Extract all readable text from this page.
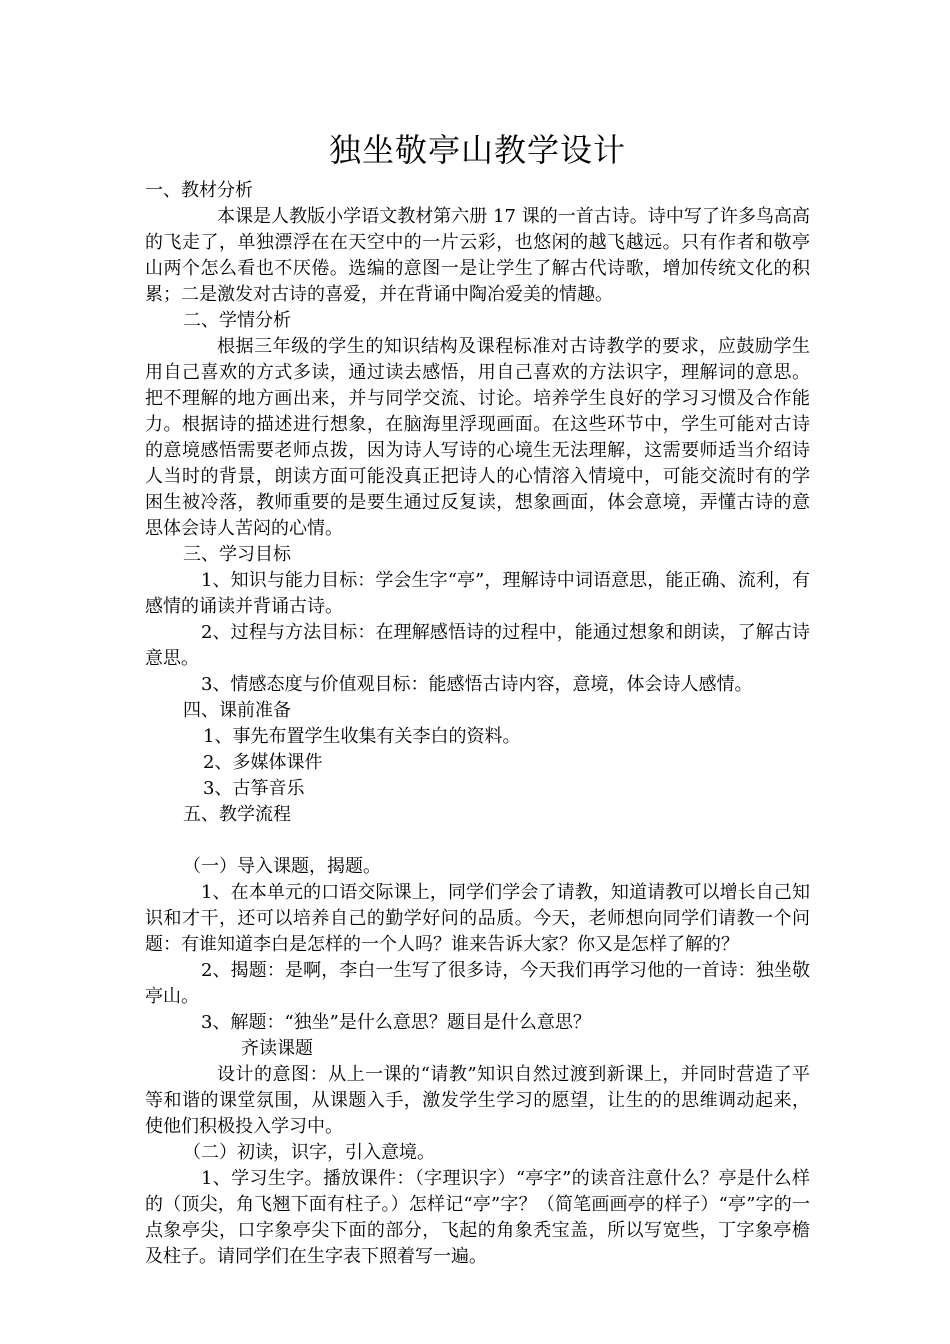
独坐敬亭山教学设计

一、教材分析

本课是人教版小学语文教材第六册 17 课的一首古诗。诗中写了许多鸟高高的飞走了，单独漂浮在在天空中的一片云彩，也悠闲的越飞越远。只有作者和敬亭山两个怎么看也不厌倦。选编的意图一是让学生了解古代诗歌，增加传统文化的积累；二是激发对古诗的喜爱，并在背诵中陶冶爱美的情趣。

二、学情分析

根据三年级的学生的知识结构及课程标准对古诗教学的要求，应鼓励学生用自己喜欢的方式多读，通过读去感悟，用自己喜欢的方法识字，理解词的意思。把不理解的地方画出来，并与同学交流、讨论。培养学生良好的学习习惯及合作能力。根据诗的描述进行想象，在脑海里浮现画面。在这些环节中，学生可能对古诗的意境感悟需要老师点拨，因为诗人写诗的心境生无法理解，这需要师适当介绍诗人当时的背景，朗读方面可能没真正把诗人的心情溶入情境中，可能交流时有的学困生被冷落，教师重要的是要生通过反复读，想象画面，体会意境，弄懂古诗的意思体会诗人苦闷的心情。

三、学习目标

1、知识与能力目标：学会生字“亭”，理解诗中词语意思，能正确、流利，有感情的诵读并背诵古诗。

2、过程与方法目标：在理解感悟诗的过程中，能通过想象和朗读，了解古诗意思。

3、情感态度与价值观目标：能感悟古诗内容，意境，体会诗人感情。

四、课前准备

1、事先布置学生收集有关李白的资料。

2、多媒体课件

3、古筝音乐

五、教学流程

（一）导入课题，揭题。

1、在本单元的口语交际课上，同学们学会了请教，知道请教可以增长自己知识和才干，还可以培养自己的勤学好问的品质。今天，老师想向同学们请教一个问题：有谁知道李白是怎样的一个人吗？谁来告诉大家？你又是怎样了解的？

2、揭题：是啊，李白一生写了很多诗，今天我们再学习他的一首诗：独坐敬亭山。

3、解题：“独坐”是什么意思？题目是什么意思？

齐读课题

设计的意图：从上一课的“请教”知识自然过渡到新课上，并同时营造了平等和谐的课堂氛围，从课题入手，激发学生学习的愿望，让生的的思维调动起来，使他们积极投入学习中。

（二）初读，识字，引入意境。

1、学习生字。播放课件：（字理识字）“亭字”的读音注意什么？亭是什么样的（顶尖，角飞翘下面有柱子。）怎样记“亭”字？（简笔画画亭的样子）“亭”字的一点象亭尖，口字象亭尖下面的部分，飞起的角象秃宝盖，所以写宽些，丁字象亭檐及柱子。请同学们在生字表下照着写一遍。
